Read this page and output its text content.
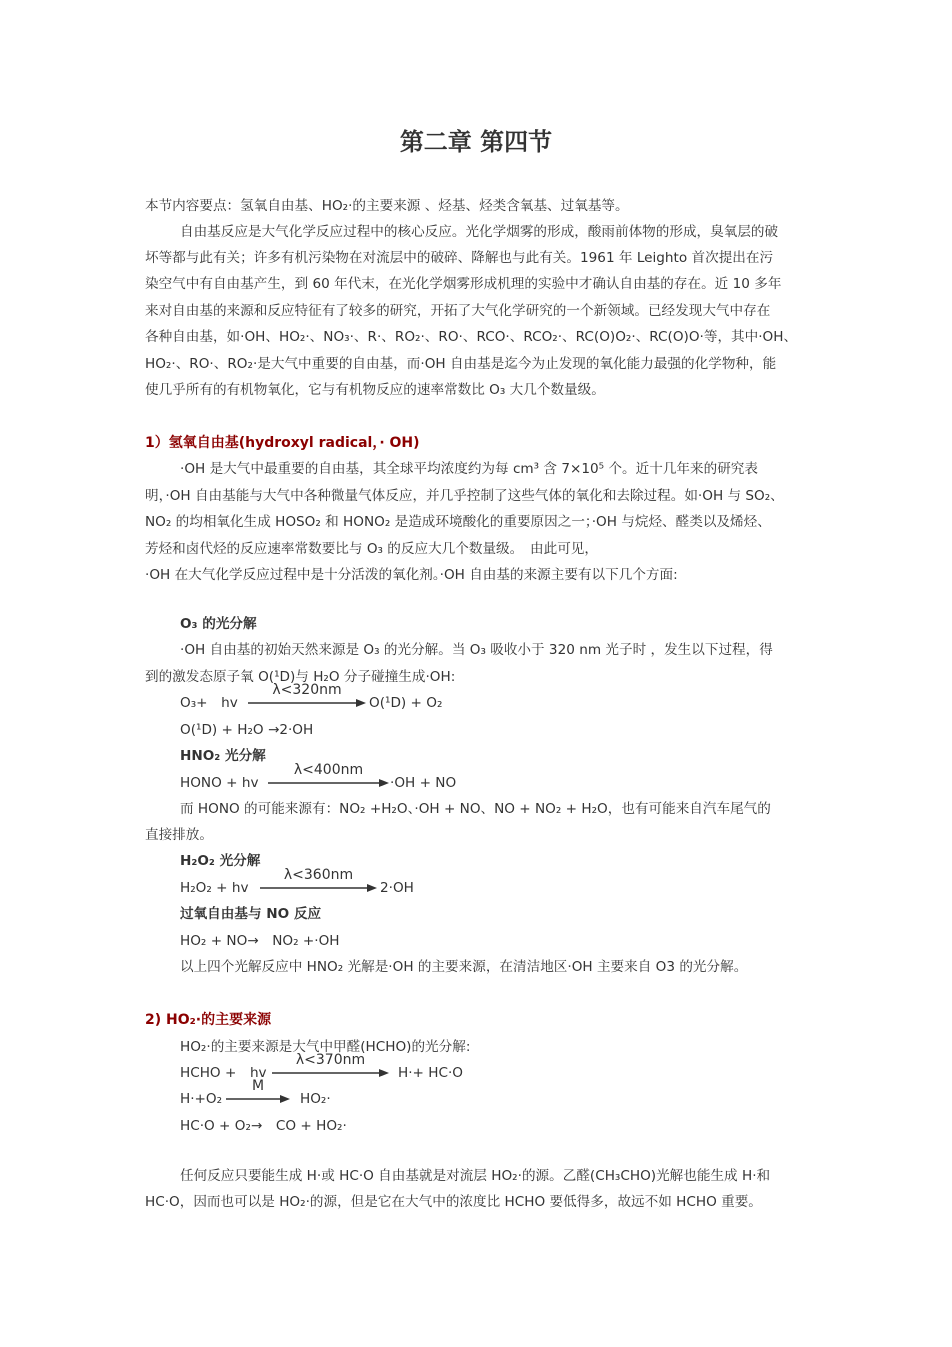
第二章 第四节
本节内容要点：氢氧自由基、HO₂·的主要来源 、烃基、烃类含氧基、过氧基等。
自由基反应是大气化学反应过程中的核心反应。光化学烟雾的形成，酸雨前体物的形成，臭氧层的破
坏等都与此有关；许多有机污染物在对流层中的破碎、降解也与此有关。1961 年 Leighto 首次提出在污
染空气中有自由基产生，到 60 年代末，在光化学烟雾形成机理的实验中才确认自由基的存在。近 10 多年
来对自由基的来源和反应特征有了较多的研究，开拓了大气化学研究的一个新领域。已经发现大气中存在
各种自由基，如·OH、HO₂·、NO₃·、R·、RO₂·、RO·、RCO·、RCO₂·、RC(O)O₂·、RC(O)O·等，其中·OH、
HO₂·、RO·、RO₂·是大气中重要的自由基，而·OH 自由基是迄今为止发现的氧化能力最强的化学物种，能
使几乎所有的有机物氧化，它与有机物反应的速率常数比 O₃ 大几个数量级。
1）氢氧自由基(hydroxyl radical，· OH)
·OH 是大气中最重要的自由基，其全球平均浓度约为每 cm³ 含 7×10⁵ 个。近十几年来的研究表
明，·OH 自由基能与大气中各种微量气体反应，并几乎控制了这些气体的氧化和去除过程。如·OH 与 SO₂、
NO₂ 的均相氧化生成 HOSO₂ 和 HONO₂ 是造成环境酸化的重要原因之一；·OH 与烷烃、醛类以及烯烃、
芳烃和卤代烃的反应速率常数要比与 O₃ 的反应大几个数量级。　由此可见，
·OH 在大气化学反应过程中是十分活泼的氧化剂。·OH 自由基的来源主要有以下几个方面:
O₃ 的光分解
·OH 自由基的初始天然来源是 O₃ 的光分解。当 O₃ 吸收小于 320 nm 光子时 ，发生以下过程，得
到的激发态原子氧 O(¹D)与 H₂O 分子碰撞生成·OH:
O₃+　hv
λ<320nm
O(¹D) + O₂
O(¹D) + H₂O →2·OH
HNO₂ 光分解
HONO + hv
λ<400nm
·OH + NO
而 HONO 的可能来源有：NO₂ +H₂O、·OH + NO、NO + NO₂ + H₂O，也有可能来自汽车尾气的
直接排放。
H₂O₂ 光分解
H₂O₂ + hv
λ<360nm
2·OH
过氧自由基与 NO 反应
HO₂ + NO→　NO₂ +·OH
以上四个光解反应中 HNO₂ 光解是·OH 的主要来源，在清洁地区·OH 主要来自 O3 的光分解。
2) HO₂·的主要来源
HO₂·的主要来源是大气中甲醛(HCHO)的光分解:
HCHO +　hv
λ<370nm
H·+ HC·O
H·+O₂
M
HO₂·
HC·O + O₂→　CO + HO₂·
任何反应只要能生成 H·或 HC·O 自由基就是对流层 HO₂·的源。乙醛(CH₃CHO)光解也能生成 H·和
HC·O，因而也可以是 HO₂·的源，但是它在大气中的浓度比 HCHO 要低得多，故远不如 HCHO 重要。
